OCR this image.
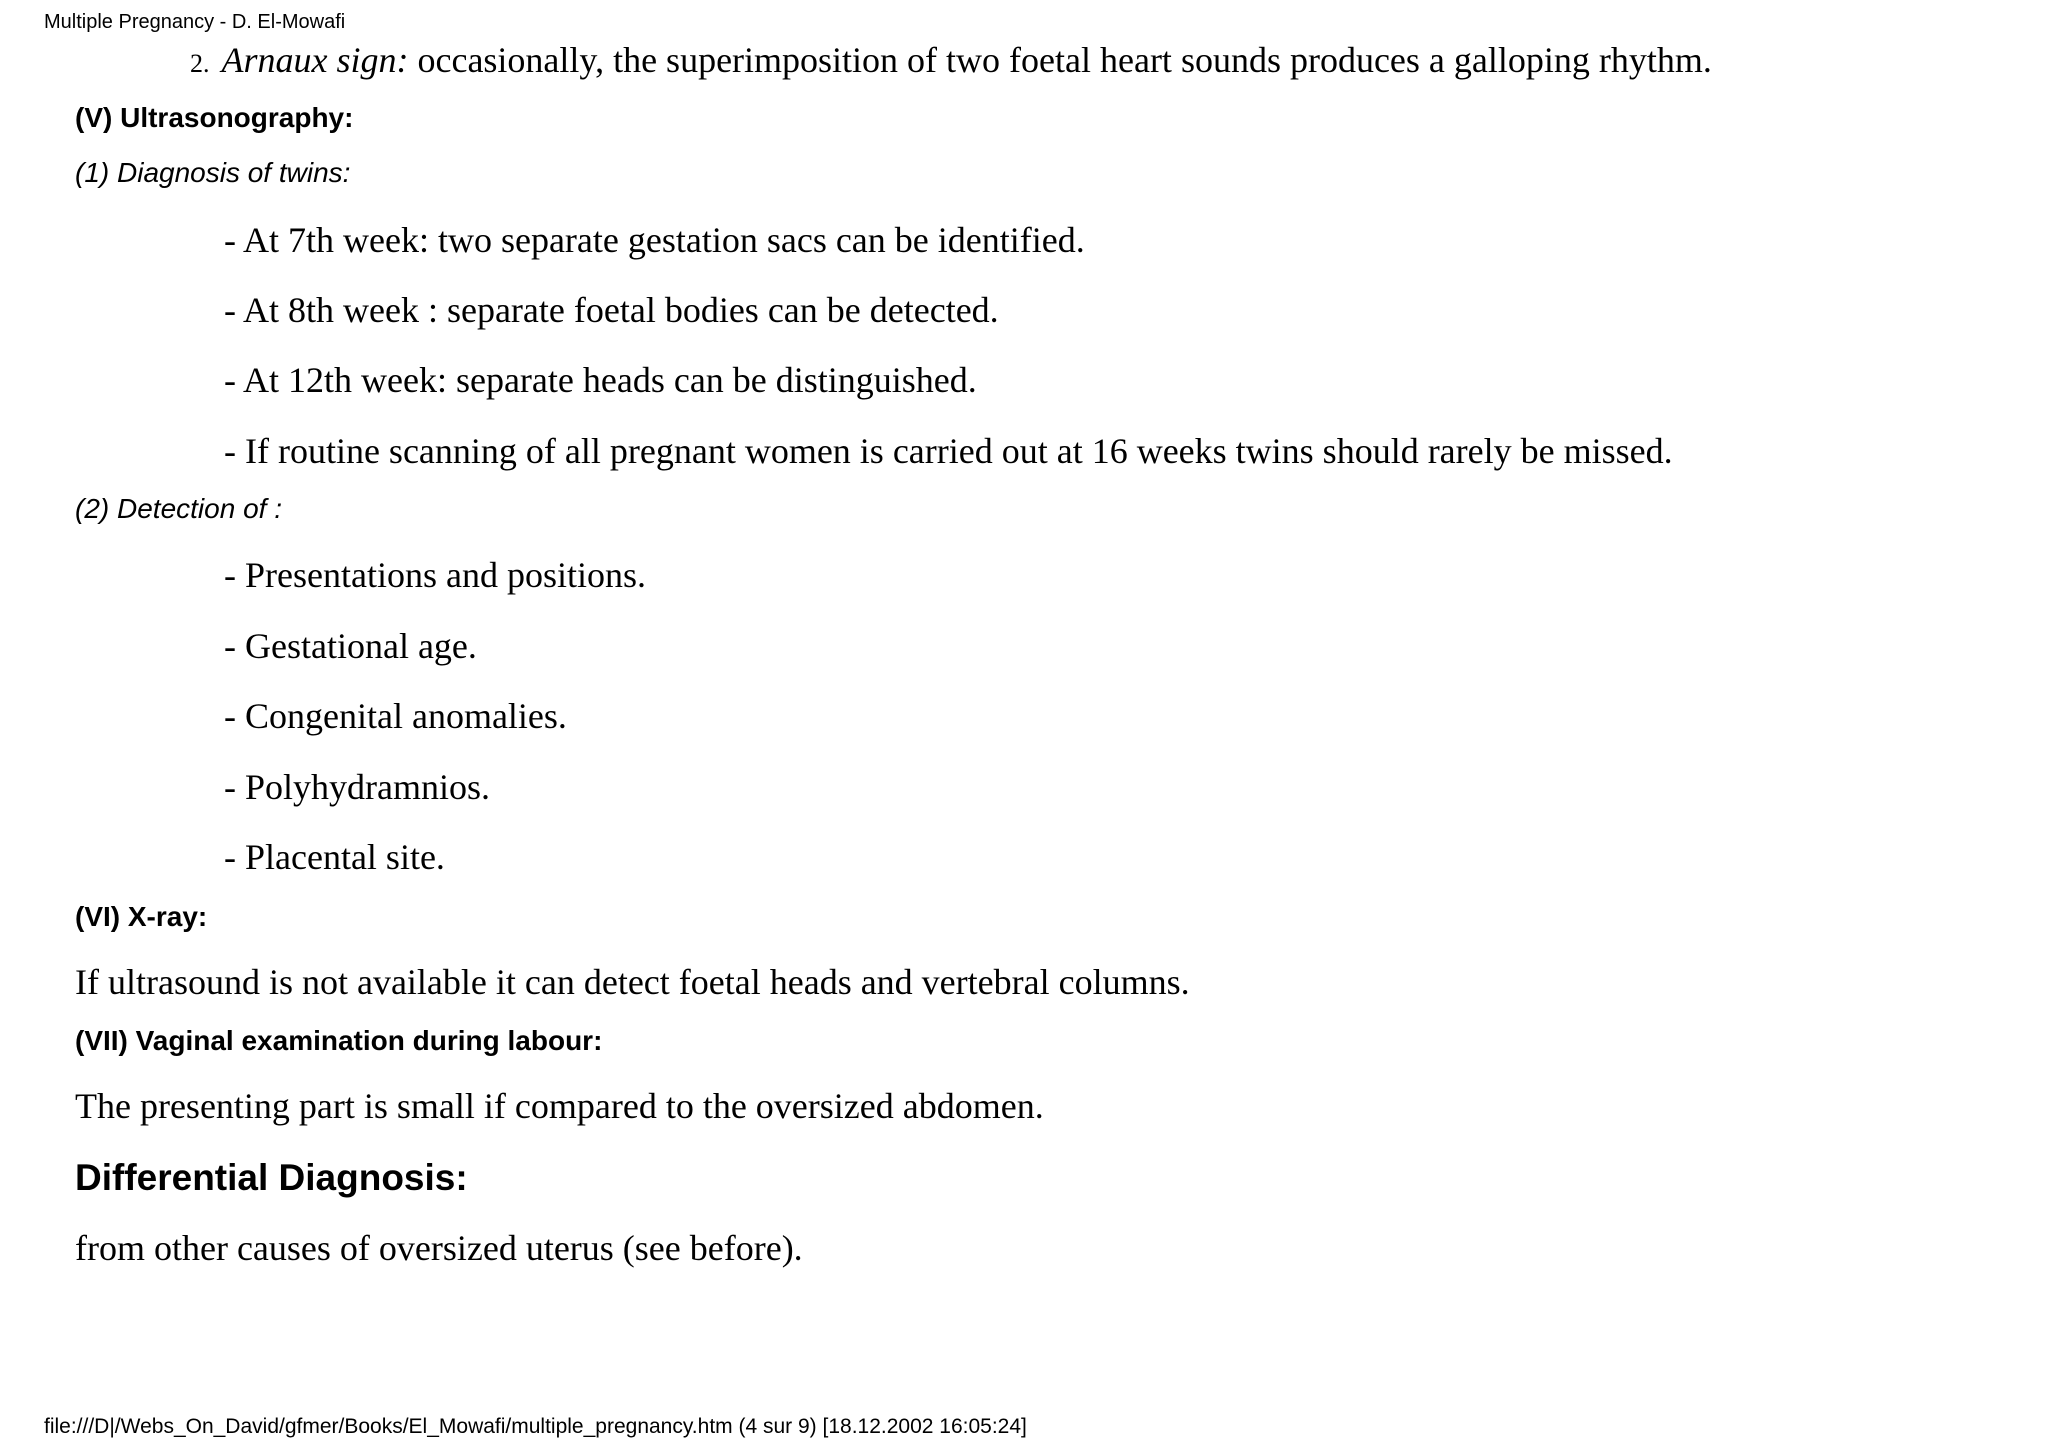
Multiple Pregnancy - D. El-Mowafi
2. Arnaux sign: occasionally, the superimposition of two foetal heart sounds produces a galloping rhythm.
(V) Ultrasonography:
(1) Diagnosis of twins:
- At 7th week: two separate gestation sacs can be identified.
- At 8th week : separate foetal bodies can be detected.
- At 12th week: separate heads can be distinguished.
- If routine scanning of all pregnant women is carried out at 16 weeks twins should rarely be missed.
(2) Detection of :
- Presentations and positions.
- Gestational age.
- Congenital anomalies.
- Polyhydramnios.
- Placental site.
(VI) X-ray:
If ultrasound is not available it can detect foetal heads and vertebral columns.
(VII) Vaginal examination during labour:
The presenting part is small if compared to the oversized abdomen.
Differential Diagnosis:
from other causes of oversized uterus (see before).
file:///D|/Webs_On_David/gfmer/Books/El_Mowafi/multiple_pregnancy.htm (4 sur 9) [18.12.2002 16:05:24]
